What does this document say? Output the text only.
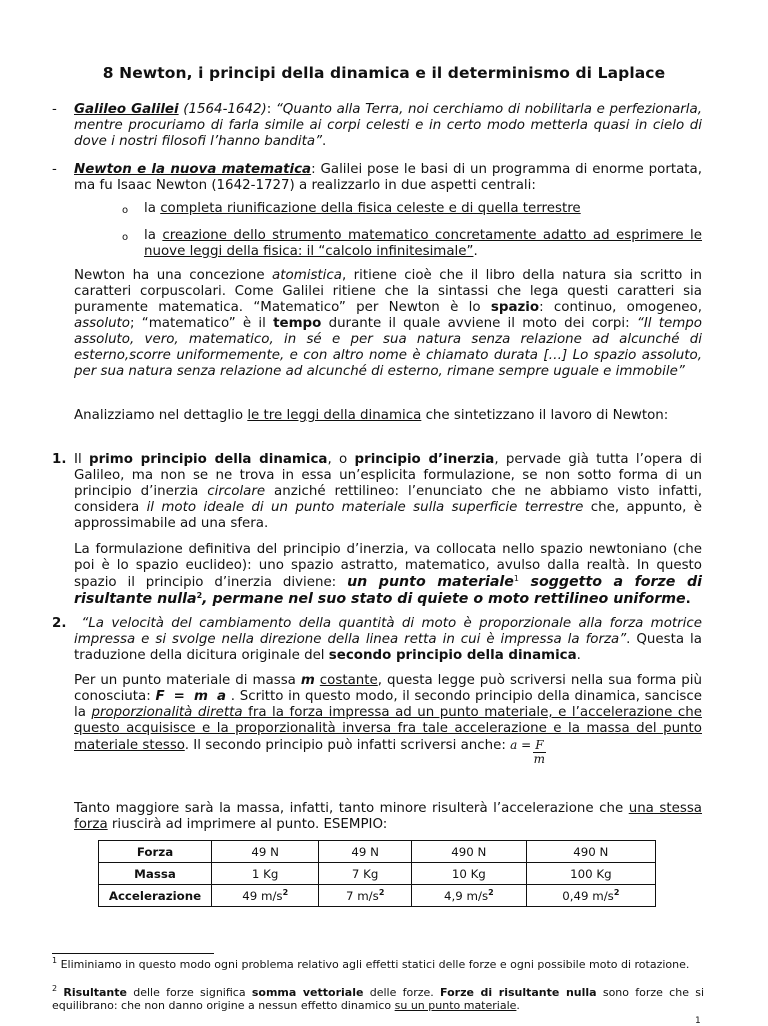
8 Newton, i principi della dinamica e il determinismo di Laplace
- Galileo Galilei (1564-1642): “Quanto alla Terra, noi cerchiamo di nobilitarla e perfezionarla, mentre procuriamo di farla simile ai corpi celesti e in certo modo metterla quasi in cielo di dove i nostri filosofi l’hanno bandita”.

- Newton e la nuova matematica: Galilei pose le basi di un programma di enorme portata, ma fu Isaac Newton (1642-1727) a realizzarlo in due aspetti centrali:

o la completa riunificazione della fisica celeste e di quella terrestre

o la creazione dello strumento matematico concretamente adatto ad esprimere le nuove leggi della fisica: il “calcolo infinitesimale”.

Newton ha una concezione atomistica, ritiene cioè che il libro della natura sia scritto in caratteri corpuscolari. Come Galilei ritiene che la sintassi che lega questi caratteri sia puramente matematica. “Matematico” per Newton è lo spazio: continuo, omogeneo, assoluto; “matematico” è il tempo durante il quale avviene il moto dei corpi: “Il tempo assoluto, vero, matematico, in sé e per sua natura senza relazione ad alcunché di esterno,scorre uniformemente, e con altro nome è chiamato durata […] Lo spazio assoluto, per sua natura senza relazione ad alcunché di esterno, rimane sempre uguale e immobile”

Analizziamo nel dettaglio le tre leggi della dinamica che sintetizzano il lavoro di Newton:

1. Il primo principio della dinamica, o principio d’inerzia, pervade già tutta l’opera di Galileo, ma non se ne trova in essa un’esplicita formulazione, se non sotto forma di un principio d’inerzia circolare anziché rettilineo: l’enunciato che ne abbiamo visto infatti, considera il moto ideale di un punto materiale sulla superficie terrestre che, appunto, è approssimabile ad una sfera.

La formulazione definitiva del principio d’inerzia, va collocata nello spazio newtoniano (che poi è lo spazio euclideo): uno spazio astratto, matematico, avulso dalla realtà. In questo spazio il principio d’inerzia diviene: un punto materiale$^1$ soggetto a forze di risultante nulla$^2$, permane nel suo stato di quiete o moto rettilineo uniforme.

2.	“La velocità del cambiamento della quantità di moto è proporzionale alla forza motrice impressa e si svolge nella direzione della linea retta in cui è impressa la forza”. Questa la traduzione della dicitura originale del secondo principio della dinamica.

Per un punto materiale di massa m costante, questa legge può scriversi nella sua forma più conosciuta: F = m a . Scritto in questo modo, il secondo principio della dinamica, sancisce la proporzionalità diretta fra la forza impressa ad un punto materiale, e l’accelerazione che questo acquisisce e la proporzionalità inversa fra tale accelerazione e la massa del punto materiale stesso. Il secondo principio può infatti scriversi anche: $a = \frac{F}{m}$

Tanto maggiore sarà la massa, infatti, tanto minore risulterà l’accelerazione che una stessa forza riuscirà ad imprimere al punto. ESEMPIO:

Forza	49 N	49 N	490 N	490 N
Massa	1 Kg	7 Kg	10 Kg	100 Kg
Accelerazione	49 $m/s^2$	7 $m/s^2$	4,9 $m/s^2$	0,49 $m/s^2$
$^1$ Eliminiamo in questo modo ogni problema relativo agli effetti statici delle forze e ogni possibile moto di rotazione.
$^2$ Risultante delle forze significa somma vettoriale delle forze. Forze di risultante nulla sono forze che si equilibrano: che non danno origine a nessun effetto dinamico su un punto materiale.
1
